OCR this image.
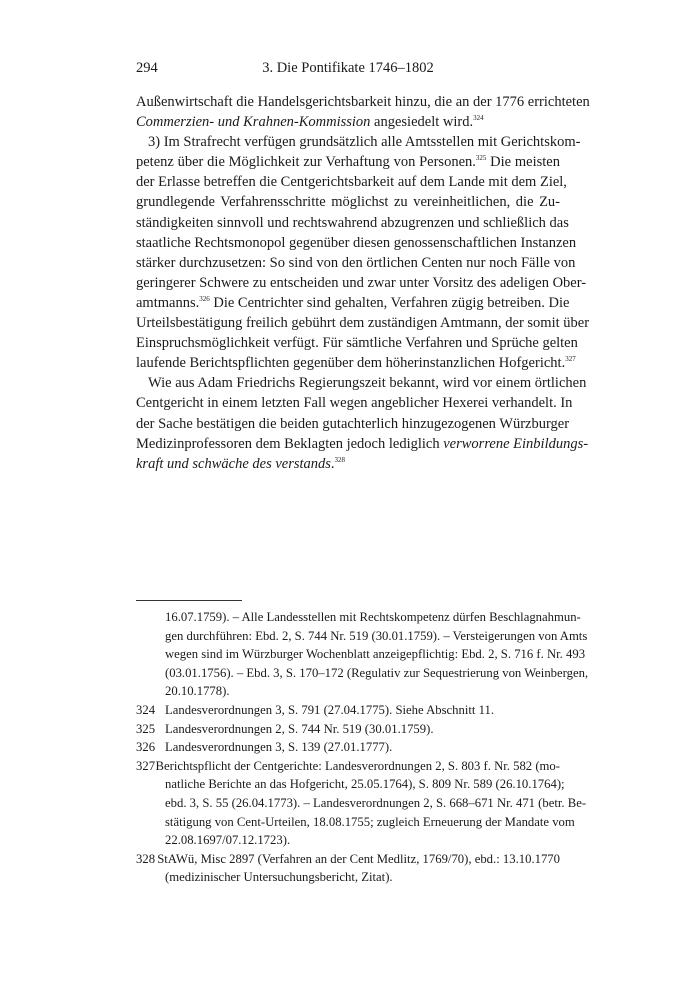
294	3. Die Pontifikate 1746–1802
Außenwirtschaft die Handelsgerichtsbarkeit hinzu, die an der 1776 errichteten
Commerzien- und Krahnen-Kommission angesiedelt wird.$^{324}$
3) Im Strafrecht verfügen grundsätzlich alle Amtsstellen mit Gerichtskom-
petenz über die Möglichkeit zur Verhaftung von Personen.$^{325}$ Die meisten
der Erlasse betreffen die Centgerichtsbarkeit auf dem Lande mit dem Ziel,
grundlegende Verfahrensschritte möglichst zu vereinheitlichen, die Zu-
ständigkeiten sinnvoll und rechtswahrend abzugrenzen und schließlich das
staatliche Rechtsmonopol gegenüber diesen genossenschaftlichen Instanzen
stärker durchzusetzen: So sind von den örtlichen Centen nur noch Fälle von
geringerer Schwere zu entscheiden und zwar unter Vorsitz des adeligen Ober-
amtmanns.$^{326}$ Die Centrichter sind gehalten, Verfahren zügig betreiben. Die
Urteilsbestätigung freilich gebührt dem zuständigen Amtmann, der somit über
Einspruchsmöglichkeit verfügt. Für sämtliche Verfahren und Sprüche gelten
laufende Berichtspflichten gegenüber dem höherinstanzlichen Hofgericht.$^{327}$
Wie aus Adam Friedrichs Regierungszeit bekannt, wird vor einem örtlichen
Centgericht in einem letzten Fall wegen angeblicher Hexerei verhandelt. In
der Sache bestätigen die beiden gutachterlich hinzugezogenen Würzburger
Medizinprofessoren dem Beklagten jedoch lediglich verworrene Einbildungs-
kraft und schwäche des verstands.$^{328}$
16.07.1759). – Alle Landesstellen mit Rechtskompetenz dürfen Beschlagnahmun-
gen durchführen: Ebd. 2, S. 744 Nr. 519 (30.01.1759). – Versteigerungen von Amts
wegen sind im Würzburger Wochenblatt anzeigepflichtig: Ebd. 2, S. 716 f. Nr. 493
(03.01.1756). – Ebd. 3, S. 170–172 (Regulativ zur Sequestrierung von Weinbergen,
20.10.1778).
324 Landesverordnungen 3, S. 791 (27.04.1775). Siehe Abschnitt 11.
325 Landesverordnungen 2, S. 744 Nr. 519 (30.01.1759).
326 Landesverordnungen 3, S. 139 (27.01.1777).
327 Berichtspflicht der Centgerichte: Landesverordnungen 2, S. 803 f. Nr. 582 (mo-
natliche Berichte an das Hofgericht, 25.05.1764), S. 809 Nr. 589 (26.10.1764);
ebd. 3, S. 55 (26.04.1773). – Landesverordnungen 2, S. 668–671 Nr. 471 (betr. Be-
stätigung von Cent-Urteilen, 18.08.1755; zugleich Erneuerung der Mandate vom
22.08.1697/07.12.1723).
328 StAWü, Misc 2897 (Verfahren an der Cent Medlitz, 1769/70), ebd.: 13.10.1770
(medizinischer Untersuchungsbericht, Zitat).
